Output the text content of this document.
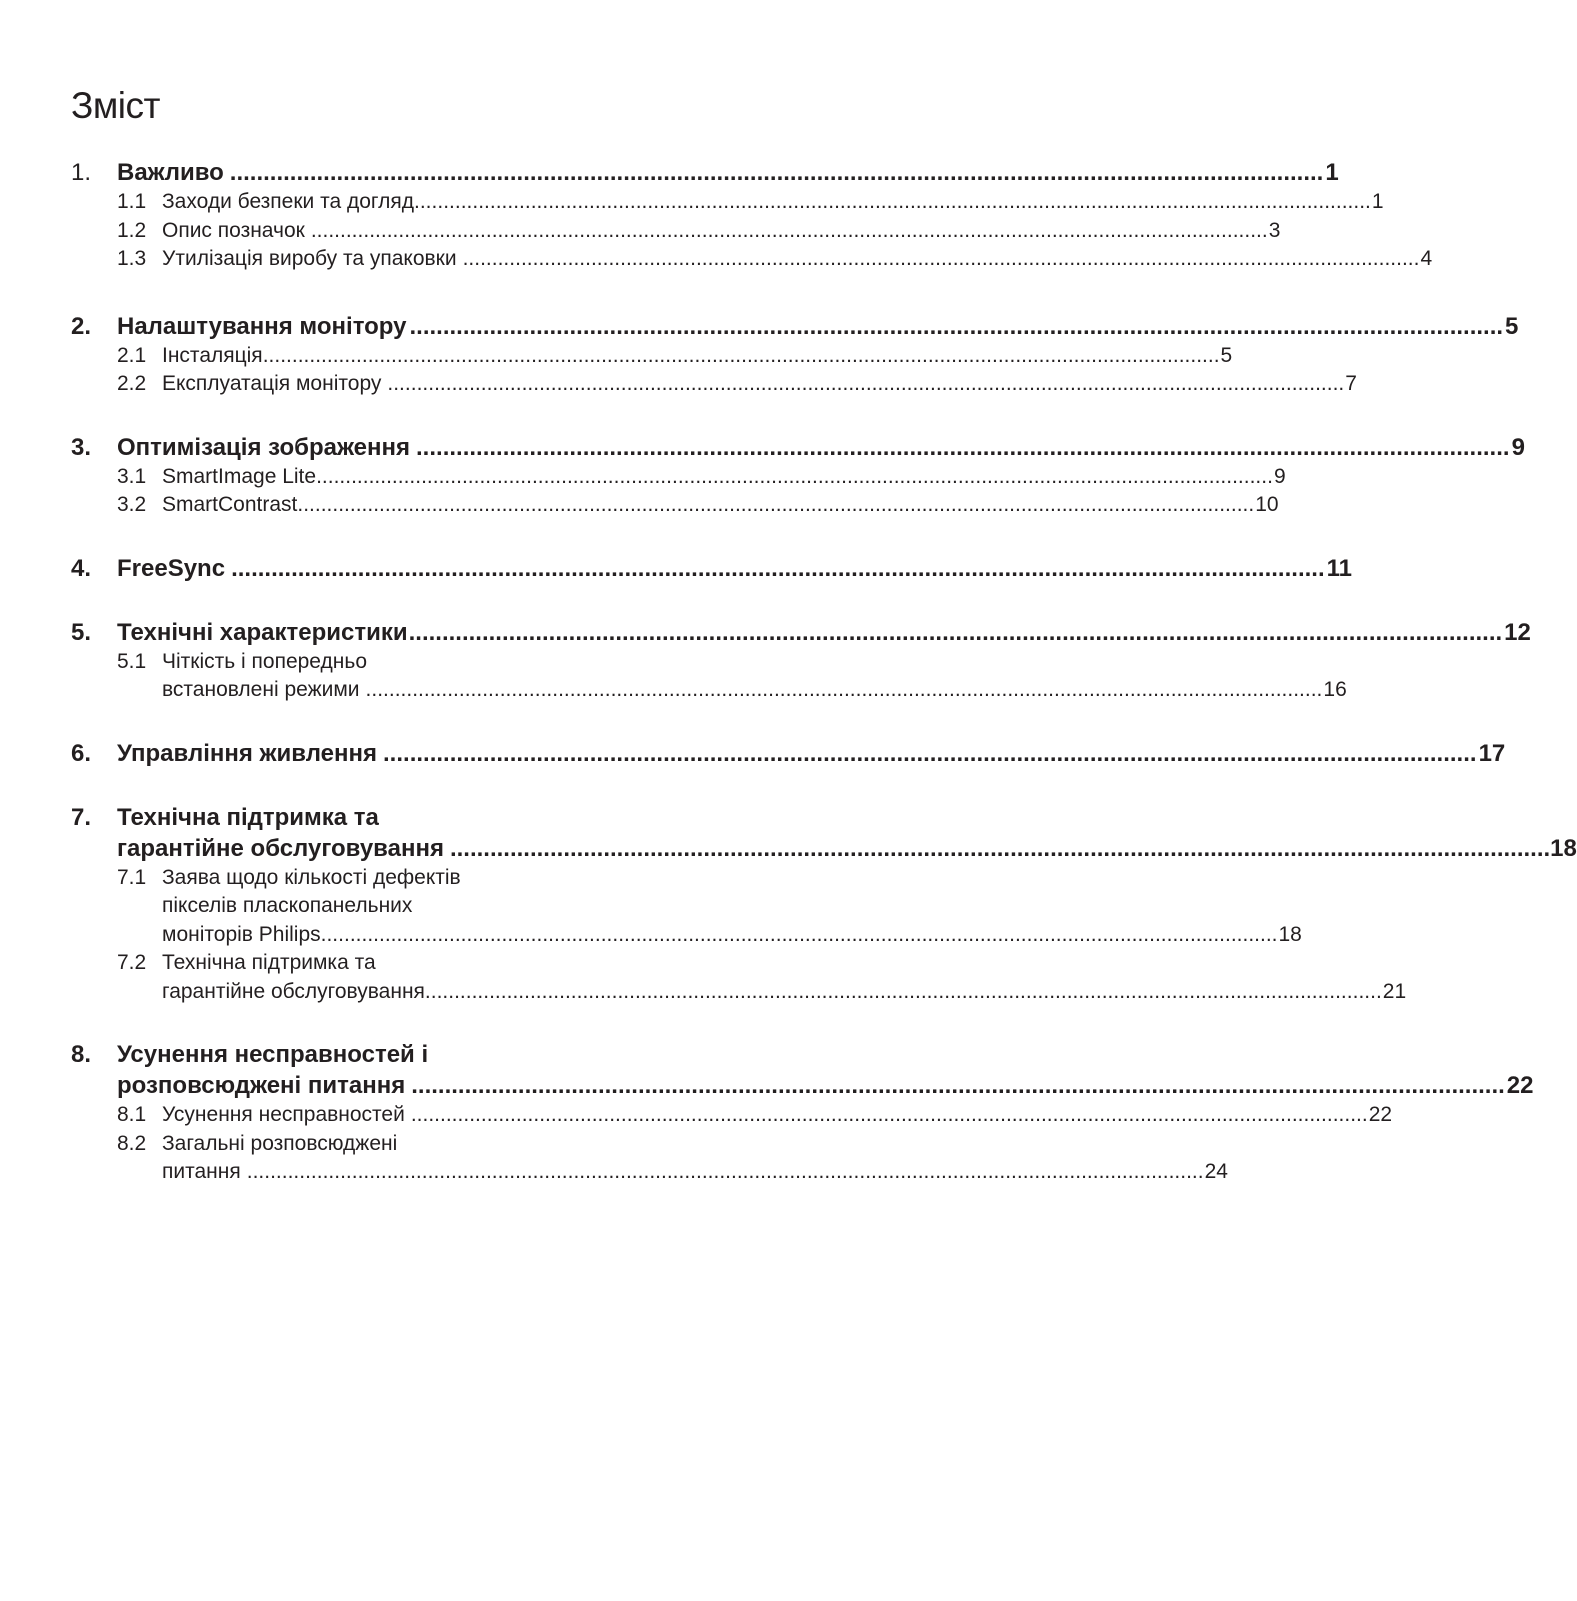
Зміст
1.	Важливо .....	1
1.1 Заходи безпеки та догляд .....	1
1.2 Опис позначок .....	3
1.3 Утилізація виробу та упаковки .....	4
2.	Налаштування монітору .....	5
2.1 Інсталяція .....	5
2.2 Експлуатація монітору .....	7
3.	Оптимізація зображення .....	9
3.1 SmartImage Lite .....	9
3.2 SmartContrast .....	10
4.	FreeSync .....	11
5.	Технічні характеристики .....	12
5.1 Чіткість і попередньо
встановлені режими .....	16
6.	Управління живлення .....	17
7.	Технічна підтримка та
гарантійне обслуговування . .....	18
7.1 Заява щодо кількості дефектів
пікселів пласкопанельних
моніторів Philips .....	18
7.2 Технічна підтримка та
гарантійне обслуговування .....	21
8.	Усунення несправностей і
розповсюджені питання .....	22
8.1 Усунення несправностей .....	22
8.2 Загальні розповсюджені
питання .....	24
